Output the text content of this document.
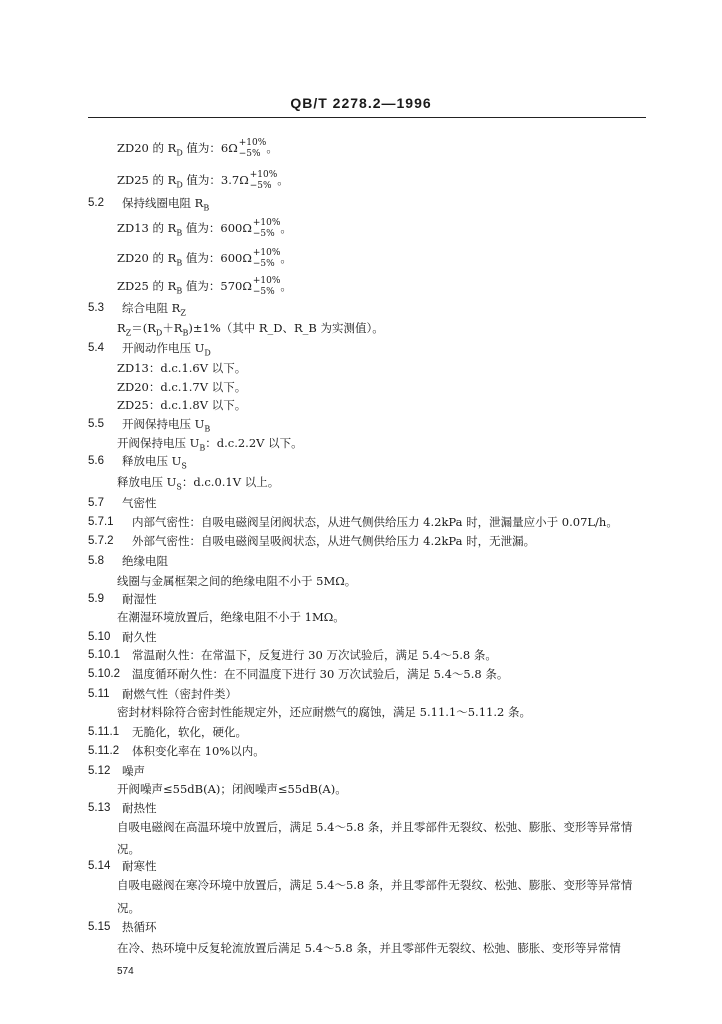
QB/T 2278.2—1996
ZD20 的 $R_D$ 值为：6Ω +10%
−5% 。
ZD25 的 $R_D$ 值为：3.7Ω +10%
−5% 。
5.2 保持线圈电阻 $R_B$
ZD13 的 $R_B$ 值为：600Ω +10%
−5% 。
ZD20 的 $R_B$ 值为：600Ω +10%
−5% 。
ZD25 的 $R_B$ 值为：570Ω +10%
−5% 。
5.3 综合电阻 $R_Z$
$R_Z=(R_D+R_B)\pm 1\%$（其中 R_D、R_B 为实测值）。
5.4 开阀动作电压 $U_D$
ZD13：d.c.1.6V 以下。
ZD20：d.c.1.7V 以下。
ZD25：d.c.1.8V 以下。
5.5 开阀保持电压 $U_B$
开阀保持电压 $U_B$：d.c.2.2V 以下。
5.6 释放电压 $U_S$
释放电压 $U_S$：d.c.0.1V 以上。
5.7 气密性
5.7.1 内部气密性：自吸电磁阀呈闭阀状态，从进气侧供给压力 4.2kPa 时，泄漏量应小于 0.07L/h。
5.7.2 外部气密性：自吸电磁阀呈吸阀状态，从进气侧供给压力 4.2kPa 时，无泄漏。
5.8 绝缘电阻
线圈与金属框架之间的绝缘电阻不小于 5MΩ。
5.9 耐湿性
在潮湿环境放置后，绝缘电阻不小于 1MΩ。
5.10 耐久性
5.10.1 常温耐久性：在常温下，反复进行 30 万次试验后，满足 5.4～5.8 条。
5.10.2 温度循环耐久性：在不同温度下进行 30 万次试验后，满足 5.4～5.8 条。
5.11 耐燃气性（密封件类）
密封材料除符合密封性能规定外，还应耐燃气的腐蚀，满足 5.11.1～5.11.2 条。
5.11.1 无脆化，软化，硬化。
5.11.2 体积变化率在 10%以内。
5.12 噪声
开阀噪声≤55dB(A)；闭阀噪声≤55dB(A)。
5.13 耐热性
自吸电磁阀在高温环境中放置后，满足 5.4～5.8 条，并且零部件无裂纹、松弛、膨胀、变形等异常情
况。
5.14 耐寒性
自吸电磁阀在寒冷环境中放置后，满足 5.4～5.8 条，并且零部件无裂纹、松弛、膨胀、变形等异常情
况。
5.15 热循环
在冷、热环境中反复轮流放置后满足 5.4～5.8 条，并且零部件无裂纹、松弛、膨胀、变形等异常情
574
